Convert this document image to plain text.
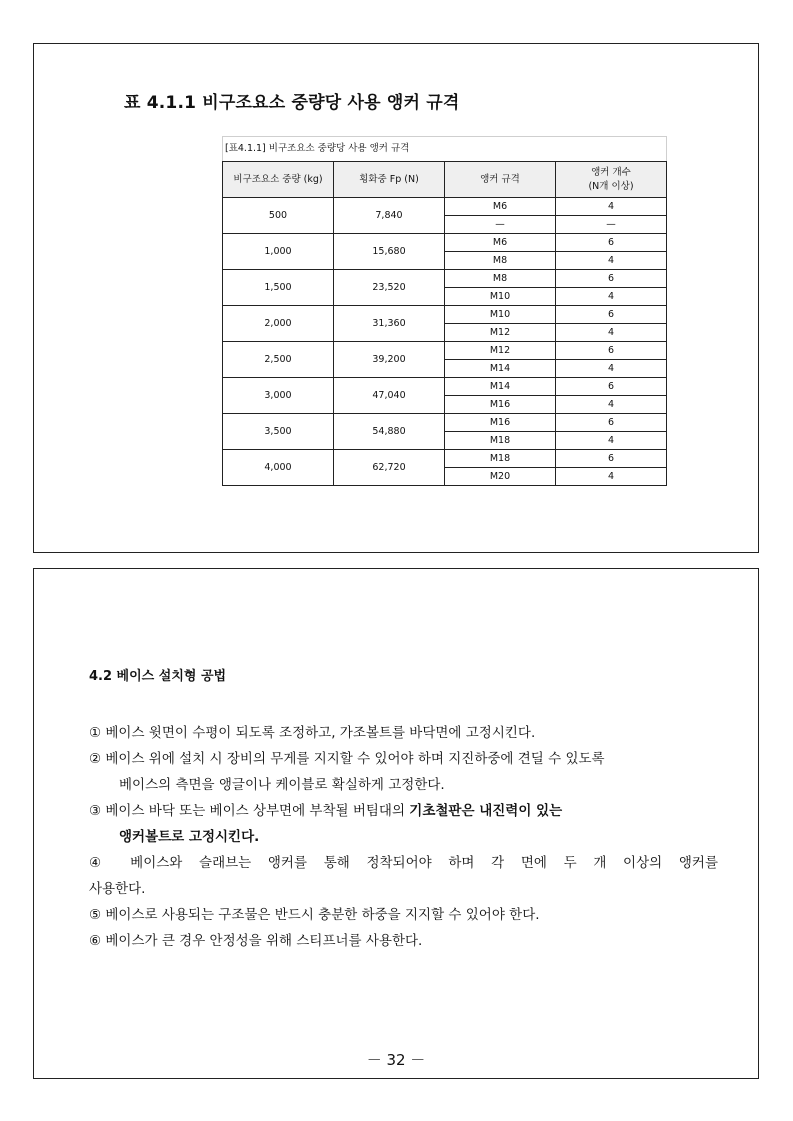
표 4.1.1 비구조요소 중량당 사용 앵커 규격
[표4.1.1] 비구조요소 중량당 사용 앵커 규격
비구조요소 중량 (kg)	횡화중 Fp (N)	앵커 규격	앵커 개수
(N개 이상)
500	7,840	M6	4
		—	—
1,000	15,680	M6	6
		M8	4
1,500	23,520	M8	6
		M10	4
2,000	31,360	M10	6
		M12	4
2,500	39,200	M12	6
		M14	4
3,000	47,040	M14	6
		M16	4
3,500	54,880	M16	6
		M18	4
4,000	62,720	M18	6
		M20	4
4.2 베이스 설치형 공법

① 베이스 윗면이 수평이 되도록 조정하고, 가조볼트를 바닥면에 고정시킨다.

② 베이스 위에 설치 시 장비의 무게를 지지할 수 있어야 하며 지진하중에 견딜 수 있도록

베이스의 측면을 앵글이나 케이블로 확실하게 고정한다.

③ 베이스 바닥 또는 베이스 상부면에 부착될 버팀대의 기초철판은 내진력이 있는

앵커볼트로 고정시킨다.

④ 베이스와 슬래브는 앵커를 통해 정착되어야 하며 각 면에 두 개 이상의 앵커를

사용한다.

⑤ 베이스로 사용되는 구조물은 반드시 충분한 하중을 지지할 수 있어야 한다.

⑥ 베이스가 큰 경우 안정성을 위해 스티프너를 사용한다.

－ 32 －
